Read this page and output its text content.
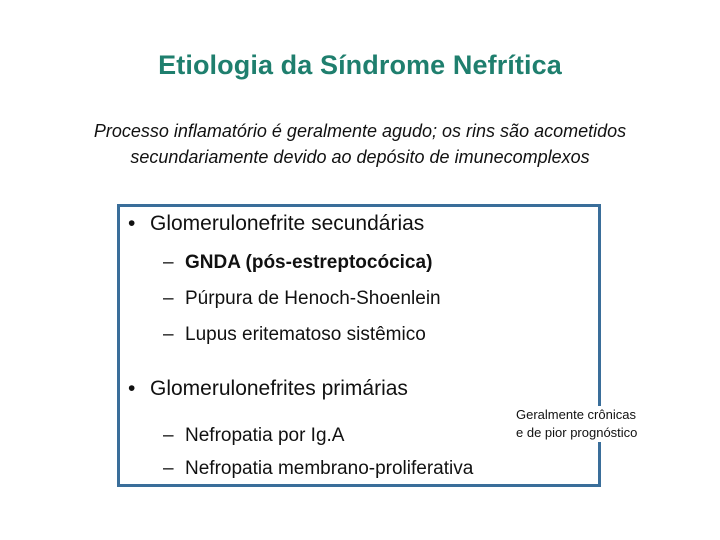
Etiologia da Síndrome Nefrítica
Processo inflamatório é geralmente agudo; os rins são acometidos
secundariamente devido ao depósito de imunecomplexos
• Glomerulonefrite secundárias
– GNDA (pós-estreptocócica)
– Púrpura de Henoch-Shoenlein
– Lupus eritematoso sistêmico
• Glomerulonefrites primárias
– Nefropatia por Ig.A
– Nefropatia membrano-proliferativa
Geralmente crônicas
e de pior prognóstico
